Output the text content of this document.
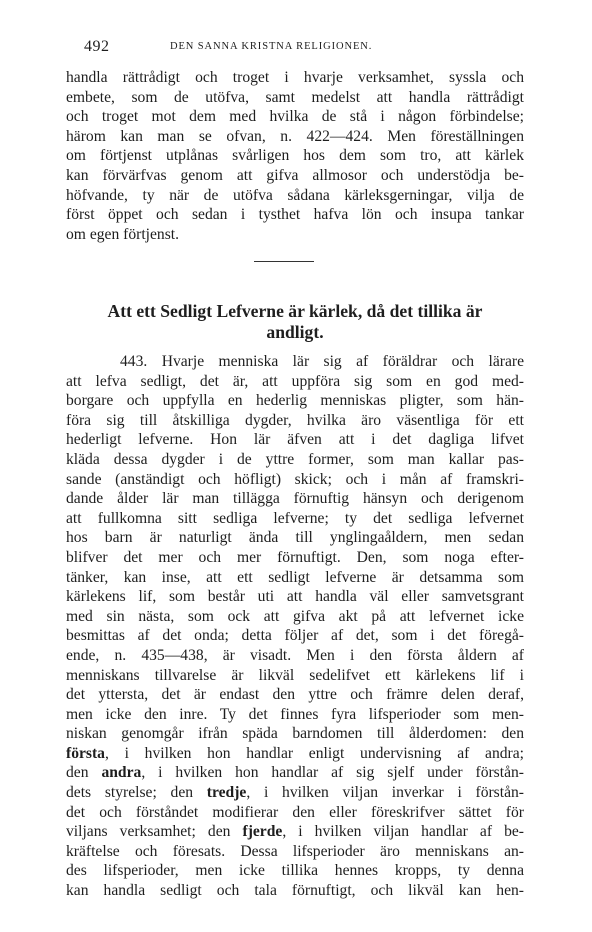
492	DEN SANNA KRISTNA RELIGIONEN.
handla rättrådigt och troget i hvarje verksamhet, syssla och
embete, som de utöfva, samt medelst att handla rättrådigt
och troget mot dem med hvilka de stå i någon förbindelse;
härom kan man se ofvan, n. 422—424. Men föreställningen
om förtjenst utplånas svårligen hos dem som tro, att kärlek
kan förvärfvas genom att gifva allmosor och understödja be-
höfvande, ty när de utöfva sådana kärleksgerningar, vilja de
först öppet och sedan i tysthet hafva lön och insupa tankar
om egen förtjenst.
Att ett Sedligt Lefverne är kärlek, då det tillika är
andligt.
443. Hvarje menniska lär sig af föräldrar och lärare
att lefva sedligt, det är, att uppföra sig som en god med-
borgare och uppfylla en hederlig menniskas pligter, som hän-
föra sig till åtskilliga dygder, hvilka äro väsentliga för ett
hederligt lefverne. Hon lär äfven att i det dagliga lifvet
kläda dessa dygder i de yttre former, som man kallar pas-
sande (anständigt och höfligt) skick; och i mån af framskri-
dande ålder lär man tillägga förnuftig hänsyn och derigenom
att fullkomna sitt sedliga lefverne; ty det sedliga lefvernet
hos barn är naturligt ända till ynglingaåldern, men sedan
blifver det mer och mer förnuftigt. Den, som noga efter-
tänker, kan inse, att ett sedligt lefverne är detsamma som
kärlekens lif, som består uti att handla väl eller samvetsgrant
med sin nästa, som ock att gifva akt på att lefvernet icke
besmittas af det onda; detta följer af det, som i det föregå-
ende, n. 435—438, är visadt. Men i den första åldern af
menniskans tillvarelse är likväl sedelifvet ett kärlekens lif i
det yttersta, det är endast den yttre och främre delen deraf,
men icke den inre. Ty det finnes fyra lifsperioder som men-
niskan genomgår ifrån späda barndomen till ålderdomen: den
första, i hvilken hon handlar enligt undervisning af andra;
den andra, i hvilken hon handlar af sig sjelf under förstån-
dets styrelse; den tredje, i hvilken viljan inverkar i förstån-
det och förståndet modifierar den eller föreskrifver sättet för
viljans verksamhet; den fjerde, i hvilken viljan handlar af be-
kräftelse och föresats. Dessa lifsperioder äro menniskans an-
des lifsperioder, men icke tillika hennes kropps, ty denna
kan handla sedligt och tala förnuftigt, och likväl kan hen-
